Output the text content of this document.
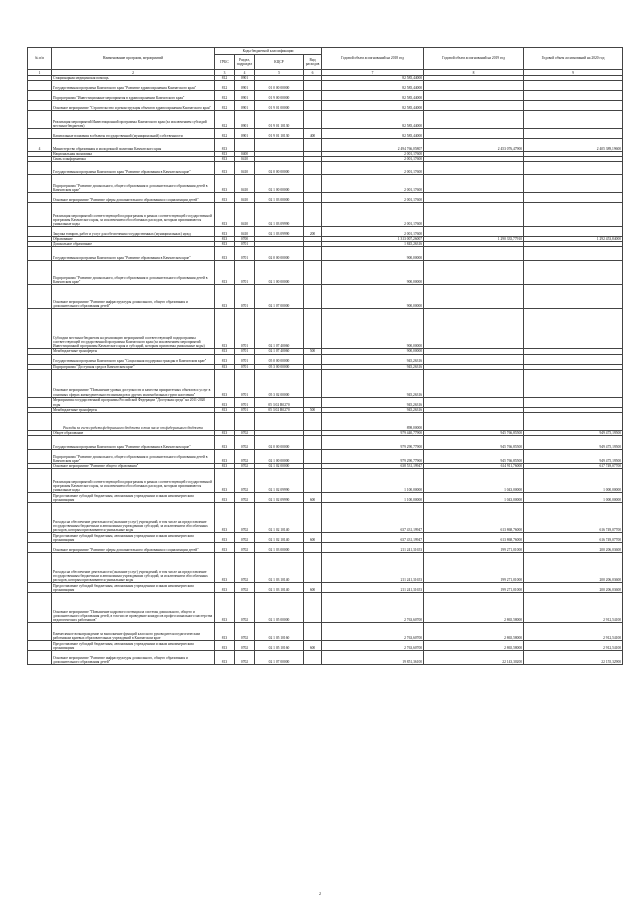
№ п/п	Наименование программ, мероприятий	Коды бюджетной классификации				Годовой объем ассигнований на 2018 год	Годовой объем ассигнований на 2019 год	Годовой объем ассигнований на 2020 год
		ГРБС	Раздел, подраздел	КЦСР	Вид расходов			
1	2	3	4	5	6	7	8	9
	Стационарная медицинская помощь	812	0901			82 585,44000		
	Государственная программа Камчатского края "Развитие здравоохранения Камчатского края"	812	0901	01 0 00 00000		82 585,44000		
	Подпрограмма "Инвестиционные мероприятия в здравоохранении Камчатского края"	812	0901	01 9 00 00000		82 585,44000		
	Основное мероприятие "Строительство и реконструкция объектов здравоохранения Камчатского края"	812	0901	01 9 01 00000		82 585,44000		
	Реализация мероприятий Инвестиционной программы Камчатского края (за исключением субсидий местным бюджетам)	812	0901	01 9 01 10130		82 585,44000		
	Капитальные вложения в объекты государственной (муниципальной) собственности	812	0901	01 9 01 10130	400	82 585,44000		
4	Министерство образования и молодежной политики Камчатского края	813				2 494 766,05807	2 453 076,47900	2 405 389,19600
	Национальная экономика	813	0400			2 001,17600		
	Связь и информатика	813	0410			2 001,17600		
	Государственная программа Камчатского края "Развитие образования в Камчатском крае"	813	0410	02 0 00 00000		2 001,17600		
	Подпрограмма "Развитие дошкольного, общего образования и дополнительного образования детей в Камчатском крае"	813	0410	02 1 00 00000		2 001,17600		
	Основное мероприятие "Развитие сферы дополнительного образования и социализации детей"	813	0410	02 1 03 00000		2 001,17600		
	Реализация мероприятий соответствующей подпрограммы в рамках соответствующей государственной программы Камчатского края, за исключением обособленных расходов, которым присваиваются уникальные коды	813	0410	02 1 03 09990		2 001,17600		
	Закупка товаров, работ и услуг для обеспечения государственных (муниципальных) нужд	813	0410	02 1 03 09990	200	2 001,17600		
	Образование	813	0700			1 313 007,26007	1 290 335,77910	1 292 453,84000
	Дошкольное образование	813	0701			1 845,26316		
	Государственная программа Камчатского края "Развитие образования в Камчатском крае"	813	0701	02 0 00 00000		900,00000		
	Подпрограмма "Развитие дошкольного, общего образования и дополнительного образования детей в Камчатском крае"	813	0701	02 1 00 00000		900,00000		
	Основное мероприятие "Развитие инфраструктуры дошкольного, общего образования и дополнительного образования детей"	813	0701	02 1 07 00000		900,00000		
	Субсидии местным бюджетам на реализацию мероприятий соответствующей подпрограммы соответствующей государственной программы Камчатского края (за исключением мероприятий Инвестиционной программы Камчатского края и субсидий, которым присвоены уникальные коды)	813	0701	02 1 07 40060		900,00000		
	Межбюджетные трансферты	813	0701	02 1 07 40060	500	900,00000		
	Государственная программа Камчатского края "Социальная поддержка граждан в Камчатском крае"	813	0701	05 0 00 00000		945,26316		
	Подпрограмма "Доступная среда в Камчатском крае"	813	0701	05 3 00 00000		945,26316		
	Основное мероприятие "Повышение уровня доступности и качества приоритетных объектов и услуг в основных сферах жизнедеятельности инвалидов и других маломобильных групп населения"	813	0701	05 3 02 00000		945,26316		
	Мероприятия государственной программы Российской Федерации "Доступная среда" на 2011-2020 годы	813	0701	05 3 02 R0270		945,26316		
	Межбюджетные трансферты	813	0701	05 3 02 R0270	500	945,26316		
	Расходы за счет средств федерального бюджета в том числе от федерального бюджета					898,00000		
	Общее образование	813	0702			979 440,77900	945 766,85500	949 475,19500
	Государственная программа Камчатского края "Развитие образования в Камчатском крае"	813	0702	02 0 00 00000		979 290,77900	945 766,85500	949 475,19500
	Подпрограмма "Развитие дошкольного, общего образования и дополнительного образования детей в Камчатском крае"	813	0702	02 1 00 00000		979 290,77900	945 766,85500	949 475,19500
	Основное мероприятие "Развитие общего образования"	813	0702	02 1 02 00000		638 531,19947	614 911,76000	617 749,07700
	Реализация мероприятий соответствующей подпрограммы в рамках соответствующей государственной программы Камчатского края, за исключением обособленных расходов, которым присваиваются уникальные коды	813	0702	02 1 02 09990		1 100,00000	1 043,00000	1 000,00000
	Предоставление субсидий бюджетным, автономным учреждениям и иным некоммерческим организациям	813	0702	02 1 02 09990	600	1 100,00000	1 043,00000	1 000,00000
	Расходы на обеспечение деятельности (оказание услуг) учреждений, в том числе на предоставление государственным бюджетным и автономным учреждениям субсидий, за исключением обособленных расходов, которым присваиваются уникальные коды	813	0702	02 1 02 10140		637 431,19947	613 868,76000	616 749,07700
	Предоставление субсидий бюджетным, автономным учреждениям и иным некоммерческим организациям	813	0702	02 1 02 10140	600	637 431,19947	613 868,76000	616 749,07700
	Основное мероприятие "Развитие сферы дополнительного образования и социализации детей"	813	0702	02 1 03 00000		211 241,31653	199 271,01000	200 206,03600
	Расходы на обеспечение деятельности (оказание услуг) учреждений, в том числе на предоставление государственным бюджетным и автономным учреждениям субсидий, за исключением обособленных расходов, которым присваиваются уникальные коды	813	0702	02 1 03 10140		211 241,31653	199 271,01000	200 206,03600
	Предоставление субсидий бюджетным, автономным учреждениям и иным некоммерческим организациям	813	0702	02 1 03 10140	600	211 241,31653	199 271,01000	200 206,03600
	Основное мероприятие "Повышение кадрового потенциала системы дошкольного, общего и дополнительного образования детей, в том числе проведение конкурсов профессионального мастерства педагогических работников"	813	0702	02 1 05 00000		2 763,60700	2 865,58000	2 912,54100
	Ежемесячное вознаграждение за выполнение функций классного руководителя педагогическим работникам краевых образовательных учреждений в Камчатском крае	813	0702	02 1 05 10160		2 763,60700	2 865,58000	2 912,54100
	Предоставление субсидий бюджетным, автономным учреждениям и иным некоммерческим организациям	813	0702	02 1 05 10160	600	2 763,60700	2 865,58000	2 912,54100
	Основное мероприятие "Развитие инфраструктуры дошкольного, общего образования и дополнительного образования детей"	813	0702	02 1 07 00000		19 851,36100	22 143,30200	22 155,32900
2
